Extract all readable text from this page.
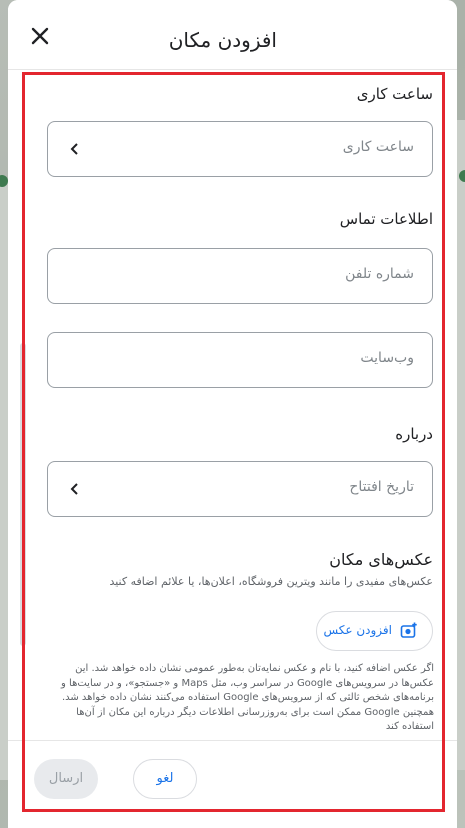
افزودن مکان
ساعت کاری
ساعت کاری
اطلاعات تماس
شماره تلفن
وب‌سایت
درباره
تاریخ افتتاح
عکس‌های مکان
عکس‌های مفیدی را مانند ویترین فروشگاه، اعلان‌ها، یا علائم اضافه کنید
افزودن عکس
اگر عکس اضافه کنید، با نام و عکس نمایه‌تان به‌طور عمومی نشان داده خواهد شد. این
عکس‌ها در سرویس‌های Google در سراسر وب، مثل Maps و «جستجو»، و در سایت‌ها و
برنامه‌های شخص ثالثی که از سرویس‌های Google استفاده می‌کنند نشان داده خواهد شد.
همچنین Google ممکن است برای به‌روزرسانی اطلاعات دیگر درباره این مکان از آن‌ها
استفاده کند
ارسال	لغو
